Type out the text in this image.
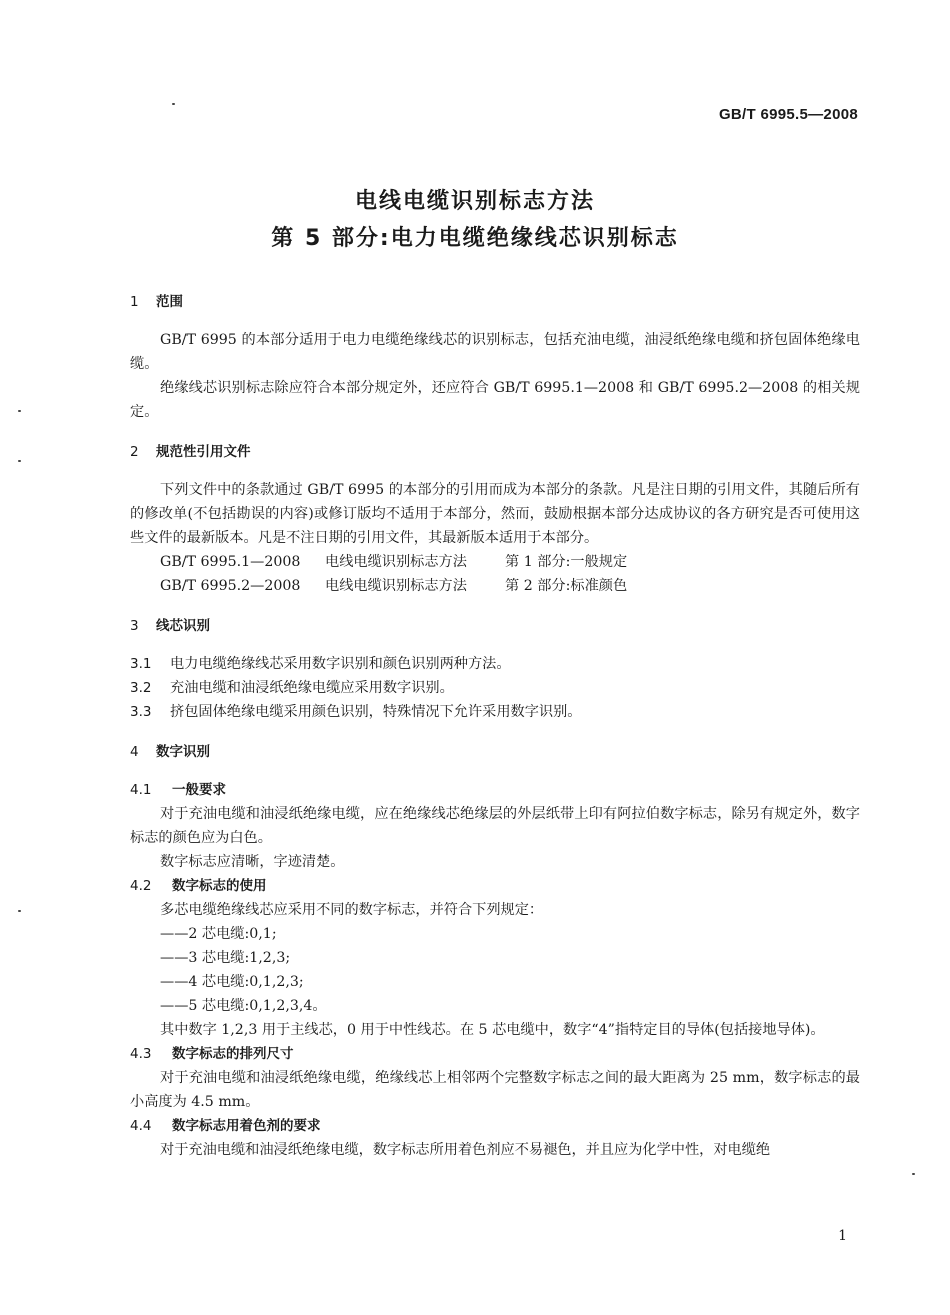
GB/T 6995.5—2008
电线电缆识别标志方法
第 5 部分:电力电缆绝缘线芯识别标志
1 范围

GB/T 6995 的本部分适用于电力电缆绝缘线芯的识别标志，包括充油电缆，油浸纸绝缘电缆和挤包固体绝缘电缆。

绝缘线芯识别标志除应符合本部分规定外，还应符合 GB/T 6995.1—2008 和 GB/T 6995.2—2008 的相关规定。

2 规范性引用文件

下列文件中的条款通过 GB/T 6995 的本部分的引用而成为本部分的条款。凡是注日期的引用文件，其随后所有的修改单(不包括勘误的内容)或修订版均不适用于本部分，然而，鼓励根据本部分达成协议的各方研究是否可使用这些文件的最新版本。凡是不注日期的引用文件，其最新版本适用于本部分。

GB/T 6995.1—2008 电线电缆识别标志方法	第 1 部分:一般规定
GB/T 6995.2—2008 电线电缆识别标志方法	第 2 部分:标准颜色
3 线芯识别

3.1 电力电缆绝缘线芯采用数字识别和颜色识别两种方法。

3.2 充油电缆和油浸纸绝缘电缆应采用数字识别。

3.3 挤包固体绝缘电缆采用颜色识别，特殊情况下允许采用数字识别。

4 数字识别
4.1 一般要求

对于充油电缆和油浸纸绝缘电缆，应在绝缘线芯绝缘层的外层纸带上印有阿拉伯数字标志，除另有规定外，数字标志的颜色应为白色。

数字标志应清晰，字迹清楚。

4.2 数字标志的使用

多芯电缆绝缘线芯应采用不同的数字标志，并符合下列规定：

——2 芯电缆:0,1;

——3 芯电缆:1,2,3;

——4 芯电缆:0,1,2,3;

——5 芯电缆:0,1,2,3,4。

其中数字 1,2,3 用于主线芯，0 用于中性线芯。在 5 芯电缆中，数字“4”指特定目的导体(包括接地导体)。

4.3 数字标志的排列尺寸

对于充油电缆和油浸纸绝缘电缆，绝缘线芯上相邻两个完整数字标志之间的最大距离为 25 mm，数字标志的最小高度为 4.5 mm。

4.4 数字标志用着色剂的要求

对于充油电缆和油浸纸绝缘电缆，数字标志所用着色剂应不易褪色，并且应为化学中性，对电缆绝

1
